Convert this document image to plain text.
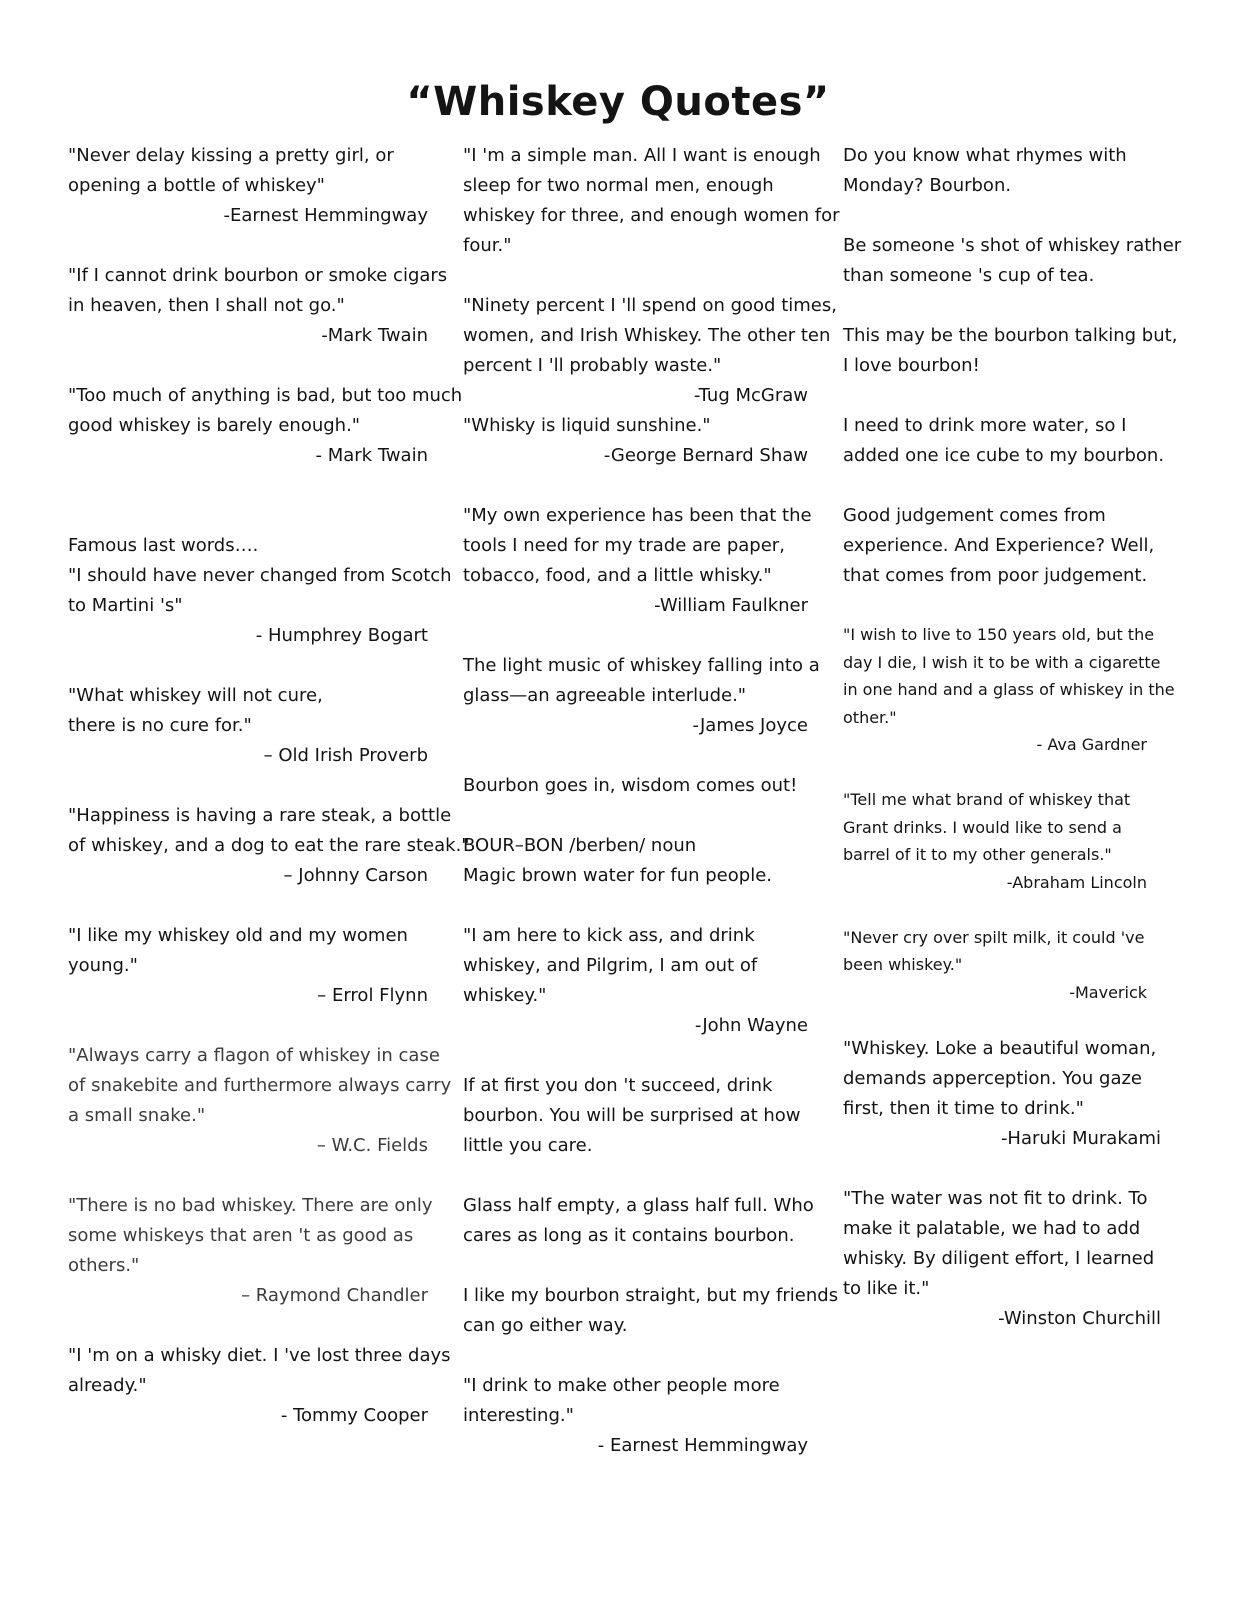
“Whiskey Quotes”
"Never delay kissing a pretty girl, or
opening a bottle of whiskey"
-Earnest Hemmingway
"If I cannot drink bourbon or smoke cigars
in heaven, then I shall not go."
-Mark Twain
"Too much of anything is bad, but too much
good whiskey is barely enough."
- Mark Twain
Famous last words….
"I should have never changed from Scotch
to Martini 's"
- Humphrey Bogart
"What whiskey will not cure,
there is no cure for."
– Old Irish Proverb
"Happiness is having a rare steak, a bottle
of whiskey, and a dog to eat the rare steak."
– Johnny Carson
"I like my whiskey old and my women
young."
– Errol Flynn
"Always carry a flagon of whiskey in case
of snakebite and furthermore always carry
a small snake."
– W.C. Fields
"There is no bad whiskey. There are only
some whiskeys that aren 't as good as
others."
– Raymond Chandler
"I 'm on a whisky diet. I 've lost three days
already."
- Tommy Cooper
"I 'm a simple man. All I want is enough
sleep for two normal men, enough
whiskey for three, and enough women for
four."
"Ninety percent I 'll spend on good times,
women, and Irish Whiskey. The other ten
percent I 'll probably waste."
-Tug McGraw
"Whisky is liquid sunshine."
-George Bernard Shaw
"My own experience has been that the
tools I need for my trade are paper,
tobacco, food, and a little whisky."
-William Faulkner
The light music of whiskey falling into a
glass—an agreeable interlude."
-James Joyce
Bourbon goes in, wisdom comes out!
BOUR–BON /berben/ noun
Magic brown water for fun people.
"I am here to kick ass, and drink
whiskey, and Pilgrim, I am out of
whiskey."
-John Wayne
If at first you don 't succeed, drink
bourbon. You will be surprised at how
little you care.
Glass half empty, a glass half full. Who
cares as long as it contains bourbon.
I like my bourbon straight, but my friends
can go either way.
"I drink to make other people more
interesting."
- Earnest Hemmingway
Do you know what rhymes with
Monday? Bourbon.
Be someone 's shot of whiskey rather
than someone 's cup of tea.
This may be the bourbon talking but,
I love bourbon!
I need to drink more water, so I
added one ice cube to my bourbon.
Good judgement comes from
experience. And Experience? Well,
that comes from poor judgement.
"I wish to live to 150 years old, but the
day I die, I wish it to be with a cigarette
in one hand and a glass of whiskey in the
other."
- Ava Gardner
"Tell me what brand of whiskey that
Grant drinks. I would like to send a
barrel of it to my other generals."
-Abraham Lincoln
"Never cry over spilt milk, it could 've
been whiskey."
-Maverick
"Whiskey. Loke a beautiful woman,
demands apperception. You gaze
first, then it time to drink."
-Haruki Murakami
"The water was not fit to drink. To
make it palatable, we had to add
whisky. By diligent effort, I learned
to like it."
-Winston Churchill
